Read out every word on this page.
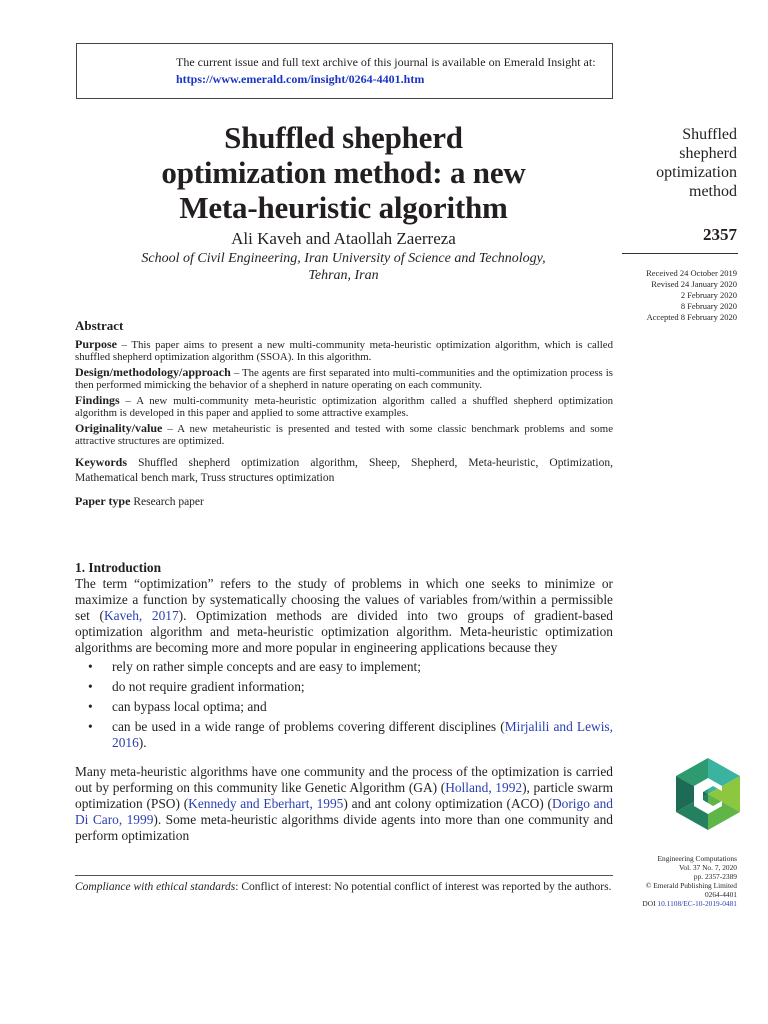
The current issue and full text archive of this journal is available on Emerald Insight at:
https://www.emerald.com/insight/0264-4401.htm
Shuffled shepherd
optimization method: a new
Meta-heuristic algorithm
Ali Kaveh and Ataollah Zaerreza
School of Civil Engineering, Iran University of Science and Technology,
Tehran, Iran
Shuffled
shepherd
optimization
method
2357
Received 24 October 2019
Revised 24 January 2020
2 February 2020
8 February 2020
Accepted 8 February 2020
Abstract

Purpose – This paper aims to present a new multi-community meta-heuristic optimization algorithm, which is called shuffled shepherd optimization algorithm (SSOA). In this algorithm.

Design/methodology/approach – The agents are first separated into multi-communities and the optimization process is then performed mimicking the behavior of a shepherd in nature operating on each community.

Findings – A new multi-community meta-heuristic optimization algorithm called a shuffled shepherd optimization algorithm is developed in this paper and applied to some attractive examples.

Originality/value – A new metaheuristic is presented and tested with some classic benchmark problems and some attractive structures are optimized.

Keywords Shuffled shepherd optimization algorithm, Sheep, Shepherd, Meta-heuristic, Optimization, Mathematical bench mark, Truss structures optimization

Paper type Research paper

1. Introduction

The term “optimization” refers to the study of problems in which one seeks to minimize or maximize a function by systematically choosing the values of variables from/within a permissible set (Kaveh, 2017). Optimization methods are divided into two groups of gradient-based optimization algorithm and meta-heuristic optimization algorithm. Meta-heuristic optimization algorithms are becoming more and more popular in engineering applications because they

• rely on rather simple concepts and are easy to implement;
• do not require gradient information;
• can bypass local optima; and
• can be used in a wide range of problems covering different disciplines (Mirjalili and Lewis, 2016).

Many meta-heuristic algorithms have one community and the process of the optimization is carried out by performing on this community like Genetic Algorithm (GA) (Holland, 1992), particle swarm optimization (PSO) (Kennedy and Eberhart, 1995) and ant colony optimization (ACO) (Dorigo and Di Caro, 1999). Some meta-heuristic algorithms divide agents into more than one community and perform optimization

Compliance with ethical standards: Conflict of interest: No potential conflict of interest was reported by the authors.
Engineering Computations
Vol. 37 No. 7, 2020
pp. 2357-2389
© Emerald Publishing Limited
0264-4401
DOI 10.1108/EC-10-2019-0481
